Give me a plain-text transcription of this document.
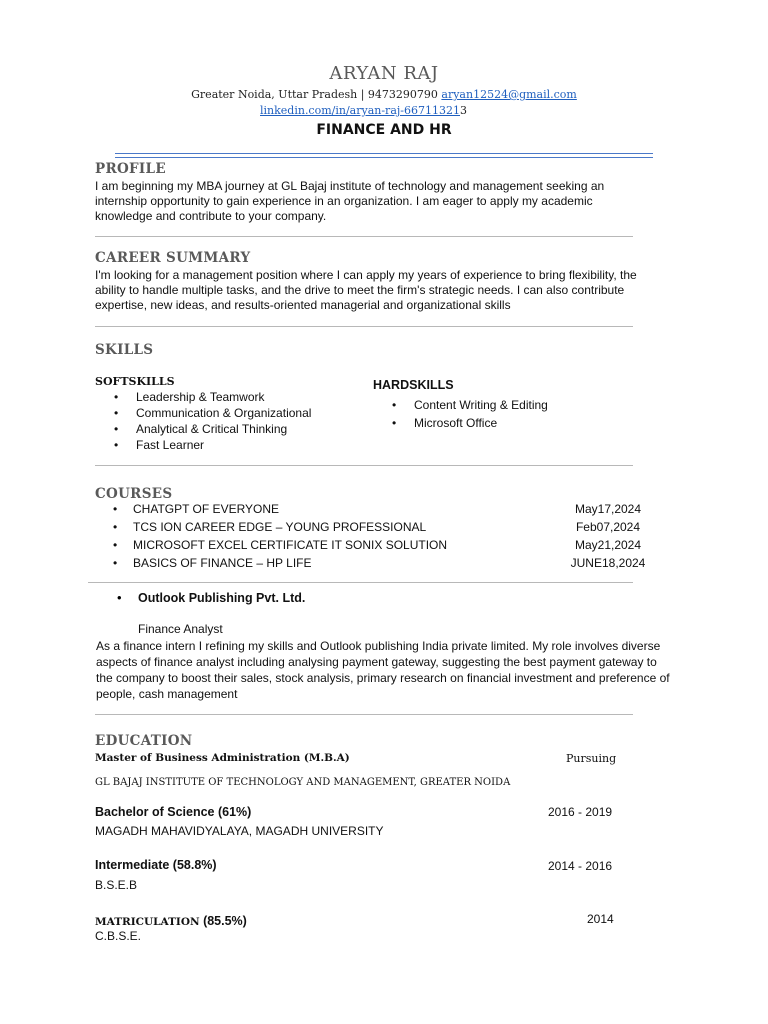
ARYAN RAJ
Greater Noida, Uttar Pradesh | 9473290790 aryan12524@gmail.com
linkedin.com/in/aryan-raj-667113213
FINANCE AND HR
PROFILE
I am beginning my MBA journey at GL Bajaj institute of technology and management seeking an internship opportunity to gain experience in an organization. I am eager to apply my academic knowledge and contribute to your company.
CAREER SUMMARY
I'm looking for a management position where I can apply my years of experience to bring flexibility, the ability to handle multiple tasks, and the drive to meet the firm's strategic needs. I can also contribute expertise, new ideas, and results-oriented managerial and organizational skills
SKILLS
SOFTSKILLS
• Leadership & Teamwork
• Communication & Organizational
• Analytical & Critical Thinking
• Fast Learner
HARDSKILLS
• Content Writing & Editing
• Microsoft Office
COURSES
• CHATGPT OF EVERYONE	May17,2024
• TCS ION CAREER EDGE – YOUNG PROFESSIONAL	Feb07,2024
• MICROSOFT EXCEL CERTIFICATE IT SONIX SOLUTION	May21,2024
• BASICS OF FINANCE – HP LIFE	JUNE18,2024
• Outlook Publishing Pvt. Ltd.
Finance Analyst
As a finance intern I refining my skills and Outlook publishing India private limited. My role involves diverse aspects of finance analyst including analysing payment gateway, suggesting the best payment gateway to the company to boost their sales, stock analysis, primary research on financial investment and preference of people, cash management
EDUCATION
Master of Business Administration (M.B.A)	Pursuing
GL BAJAJ INSTITUTE OF TECHNOLOGY AND MANAGEMENT, GREATER NOIDA
Bachelor of Science (61%)	2016 - 2019
MAGADH MAHAVIDYALAYA, MAGADH UNIVERSITY
Intermediate (58.8%)	2014 - 2016
B.S.E.B
MATRICULATION (85.5%)	2014
C.B.S.E.
